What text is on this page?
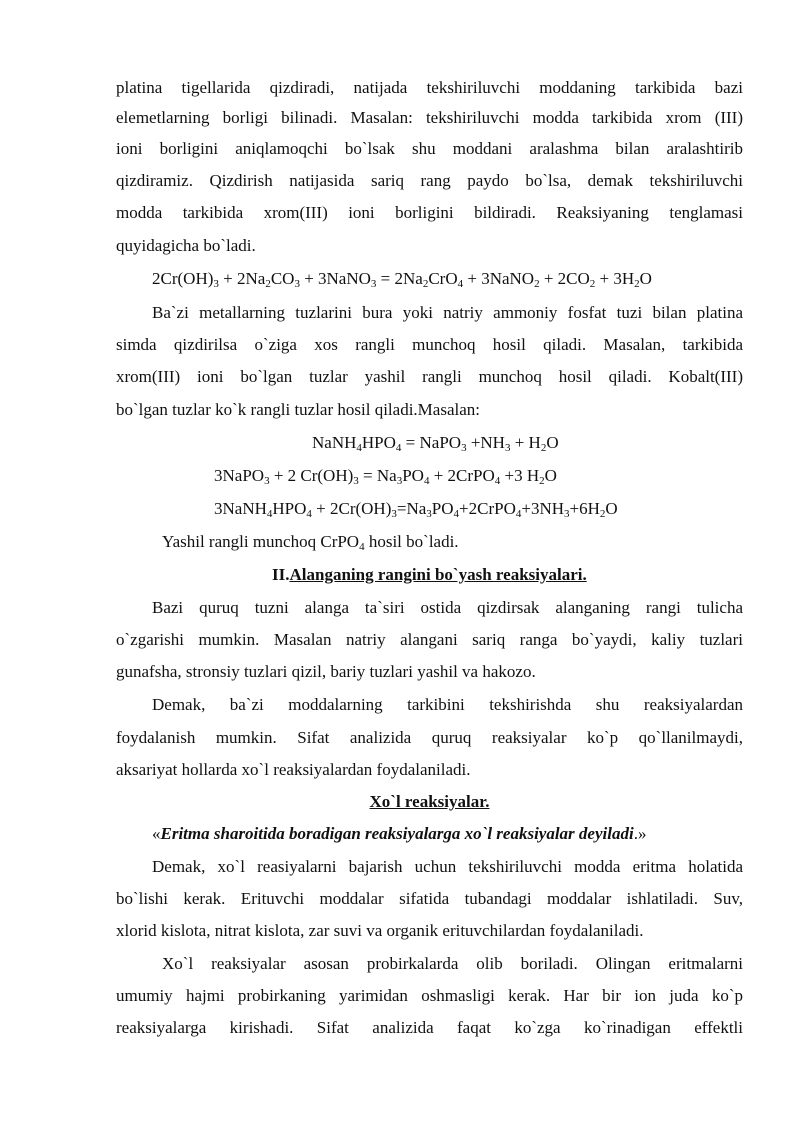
platina tigellarida qizdiradi, natijada tekshiriluvchi moddaning tarkibida bazi
elemetlarning borligi bilinadi. Masalan: tekshiriluvchi modda tarkibida xrom (III)
ioni borligini aniqlamoqchi bo`lsak shu moddani aralashma bilan aralashtirib
qizdiramiz. Qizdirish natijasida sariq rang paydo bo`lsa, demak tekshiriluvchi
modda tarkibida xrom(III) ioni borligini bildiradi. Reaksiyaning tenglamasi
quyidagicha bo`ladi.
$2Cr(OH)_3 + 2Na_2CO_3$ + 3NaNO$_3$ = $2Na_2CrO_4$ + 3NaNO$_2$ + $2CO_2 + 3H_2O$
Ba`zi metallarning tuzlarini bura yoki natriy ammoniy fosfat tuzi bilan platina
simda qizdirilsa o`ziga xos rangli munchoq hosil qiladi. Masalan, tarkibida
xrom(III) ioni bo`lgan tuzlar yashil rangli munchoq hosil qiladi. Kobalt(III)
bo`lgan tuzlar ko`k rangli tuzlar hosil qiladi.Masalan:
$NaNH_4HPO_4$ = NaPO$_3$ $+NH_3 + H_2O$
3NaPO$_3$ + 2 $Cr(OH)_3 = Na_3PO_4$ + 2CrPO$_4$ +3 $H_2O$
$3NaNH_4HPO_4$ + $2Cr(OH)_3=Na_3PO_4+2CrPO_4+3NH_3+6H_2O$
Yashil rangli munchoq CrPO$_4$ hosil bo`ladi.
II.Alanganing rangini bo`yash reaksiyalari.
Bazi quruq tuzni alanga ta`siri ostida qizdirsak alanganing rangi tulicha
o`zgarishi mumkin. Masalan natriy alangani sariq ranga bo`yaydi, kaliy tuzlari
gunafsha, stronsiy tuzlari qizil, bariy tuzlari yashil va hakozo.
Demak, ba`zi moddalarning tarkibini tekshirishda shu reaksiyalardan
foydalanish mumkin. Sifat analizida quruq reaksiyalar ko`p qo`llanilmaydi,
aksariyat hollarda xo`l reaksiyalardan foydalaniladi.
Xo`l reaksiyalar.
«Eritma sharoitida boradigan reaksiyalarga xo`l reaksiyalar deyiladi.»
Demak, xo`l reasiyalarni bajarish uchun tekshiriluvchi modda eritma holatida
bo`lishi kerak. Erituvchi moddalar sifatida tubandagi moddalar ishlatiladi. Suv,
xlorid kislota, nitrat kislota, zar suvi va organik erituvchilardan foydalaniladi.
Xo`l reaksiyalar asosan probirkalarda olib boriladi. Olingan eritmalarni
umumiy hajmi probirkaning yarimidan oshmasligi kerak. Har bir ion juda ko`p
reaksiyalarga kirishadi. Sifat analizida faqat ko`zga ko`rinadigan effektli
